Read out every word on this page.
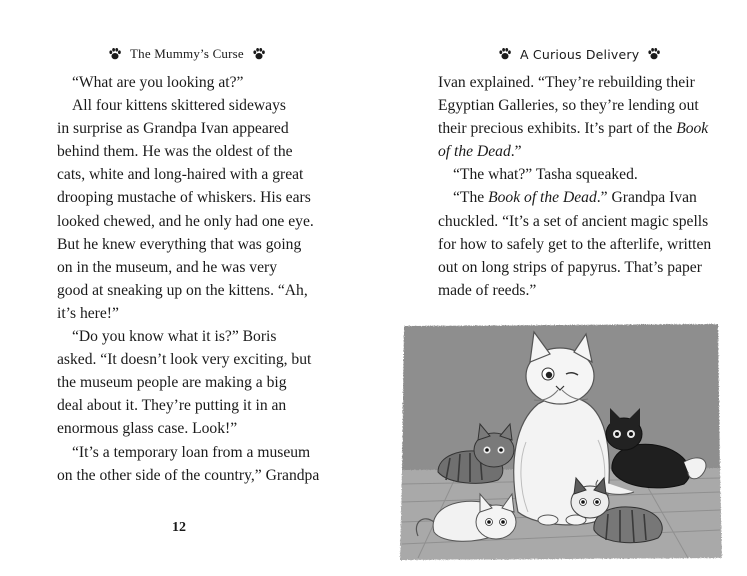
The Mummy’s Curse
“What are you looking at?”
All four kittens skittered sideways
in surprise as Grandpa Ivan appeared
behind them. He was the oldest of the
cats, white and long-haired with a great
drooping mustache of whiskers. His ears
looked chewed, and he only had one eye.
But he knew everything that was going
on in the museum, and he was very
good at sneaking up on the kittens. “Ah,
it’s here!”
“Do you know what it is?” Boris
asked. “It doesn’t look very exciting, but
the museum people are making a big
deal about it. They’re putting it in an
enormous glass case. Look!”
“It’s a temporary loan from a museum
on the other side of the country,” Grandpa
12
A Curious Delivery
Ivan explained. “They’re rebuilding their
Egyptian Galleries, so they’re lending out
their precious exhibits. It’s part of the Book
of the Dead.”
“The what?” Tasha squeaked.
“The Book of the Dead.” Grandpa Ivan
chuckled. “It’s a set of ancient magic spells
for how to safely get to the afterlife, written
out on long strips of papyrus. That’s paper
made of reeds.”
